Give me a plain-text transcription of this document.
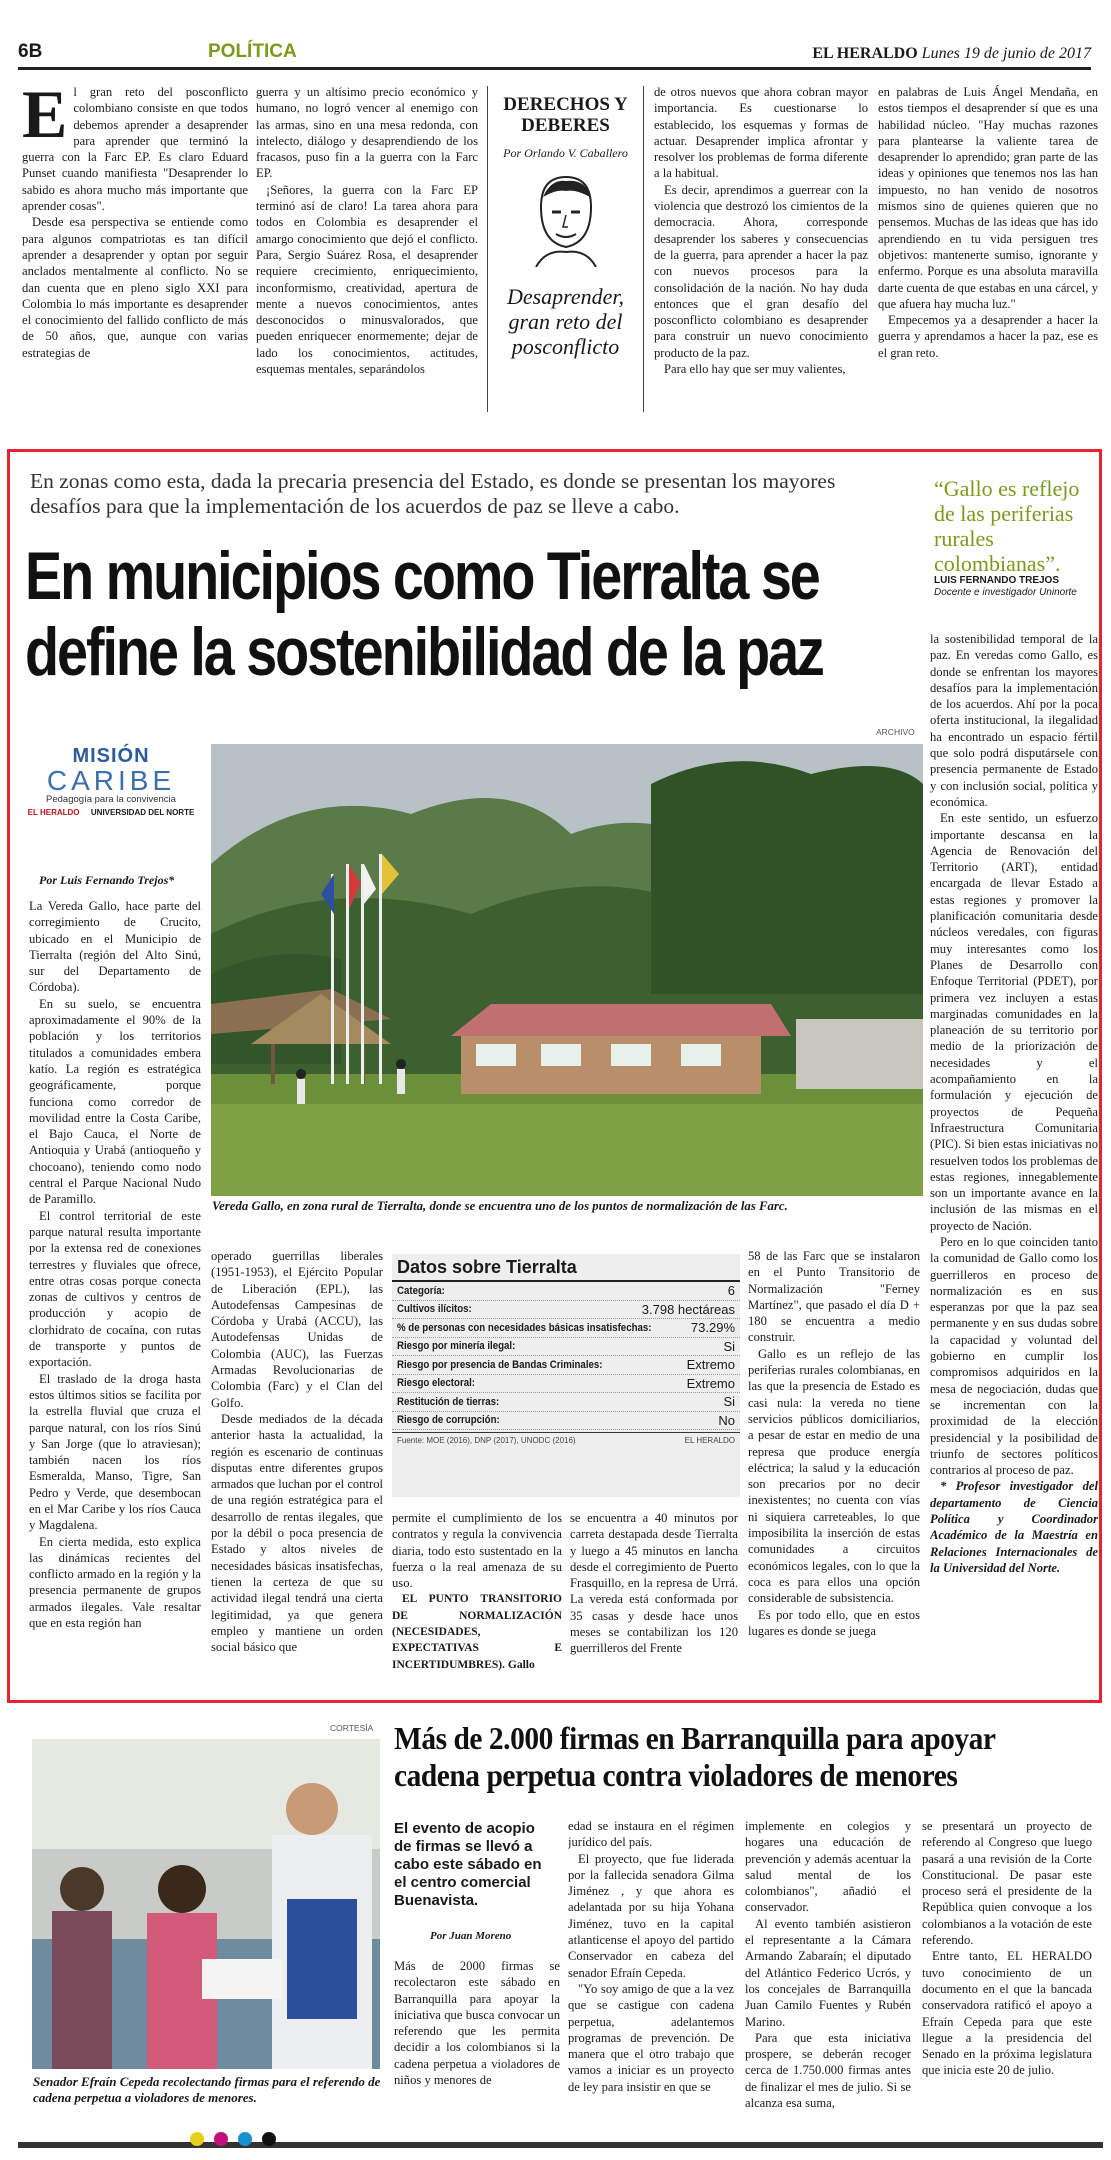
6B	POLÍTICA	EL HERALDO Lunes 19 de junio de 2017
E l gran reto del posconflicto colombiano consiste en que todos debemos aprender a desaprender para aprender que terminó la guerra con la Farc EP. Es claro Eduard Punset cuando manifiesta "Desaprender lo sabido es ahora mucho más importante que aprender cosas".

Desde esa perspectiva se entiende como para algunos compatriotas es tan difícil aprender a desaprender y optan por seguir anclados mentalmente al conflicto. No se dan cuenta que en pleno siglo XXI para Colombia lo más importante es desaprender el conocimiento del fallido conflicto de más de 50 años, que, aunque con varias estrategias de

guerra y un altísimo precio económico y humano, no logró vencer al enemigo con las armas, sino en una mesa redonda, con intelecto, diálogo y desaprendiendo de los fracasos, puso fin a la guerra con la Farc EP.

¡Señores, la guerra con la Farc EP terminó así de claro! La tarea ahora para todos en Colombia es desaprender el amargo conocimiento que dejó el conflicto. Para, Sergio Suárez Rosa, el desaprender requiere crecimiento, enriquecimiento, inconformismo, creatividad, apertura de mente a nuevos conocimientos, antes desconocidos o minusvalorados, que pueden enriquecer enormemente; dejar de lado los conocimientos, actitudes, esquemas mentales, separándolos

DERECHOS Y DEBERES
Por Orlando V. Caballero
Desaprender, gran reto del posconflicto

de otros nuevos que ahora cobran mayor importancia. Es cuestionarse lo establecido, los esquemas y formas de actuar. Desaprender implica afrontar y resolver los problemas de forma diferente a la habitual.

Es decir, aprendimos a guerrear con la violencia que destrozó los cimientos de la democracia. Ahora, corresponde desaprender los saberes y consecuencias de la guerra, para aprender a hacer la paz con nuevos procesos para la consolidación de la nación. No hay duda entonces que el gran desafío del posconflicto colombiano es desaprender para construir un nuevo conocimiento producto de la paz.

Para ello hay que ser muy valientes,

en palabras de Luis Ángel Mendaña, en estos tiempos el desaprender sí que es una habilidad núcleo. "Hay muchas razones para plantearse la valiente tarea de desaprender lo aprendido; gran parte de las ideas y opiniones que tenemos nos las han impuesto, no han venido de nosotros mismos sino de quienes quieren que no pensemos. Muchas de las ideas que has ido aprendiendo en tu vida persiguen tres objetivos: mantenerte sumiso, ignorante y enfermo. Porque es una absoluta maravilla darte cuenta de que estabas en una cárcel, y que afuera hay mucha luz."

Empecemos ya a desaprender a hacer la guerra y aprendamos a hacer la paz, ese es el gran reto.

En zonas como esta, dada la precaria presencia del Estado, es donde se presentan los mayores desafíos para que la implementación de los acuerdos de paz se lleve a cabo.
En municipios como Tierralta se
define la sostenibilidad de la paz
“Gallo es reflejo de las periferias rurales colombianas”.
LUIS FERNANDO TREJOS
Docente e investigador Uninorte
ARCHIVO
MISIÓN
CARIBE
Pedagogía para la convivencia
EL HERALDO UNIVERSIDAD DEL NORTE
Por Luis Fernando Trejos*
Vereda Gallo, en zona rural de Tierralta, donde se encuentra uno de los puntos de normalización de las Farc.

La Vereda Gallo, hace parte del corregimiento de Crucito, ubicado en el Municipio de Tierralta (región del Alto Sinú, sur del Departamento de Córdoba).

En su suelo, se encuentra aproximadamente el 90% de la población y los territorios titulados a comunidades embera katío. La región es estratégica geográficamente, porque funciona como corredor de movilidad entre la Costa Caribe, el Bajo Cauca, el Norte de Antioquia y Urabá (antioqueño y chocoano), teniendo como nodo central el Parque Nacional Nudo de Paramillo.

El control territorial de este parque natural resulta importante por la extensa red de conexiones terrestres y fluviales que ofrece, entre otras cosas porque conecta zonas de cultivos y centros de producción y acopio de clorhidrato de cocaína, con rutas de transporte y puntos de exportación.

El traslado de la droga hasta estos últimos sitios se facilita por la estrella fluvial que cruza el parque natural, con los ríos Sinú y San Jorge (que lo atraviesan); también nacen los ríos Esmeralda, Manso, Tigre, San Pedro y Verde, que desembocan en el Mar Caribe y los ríos Cauca y Magdalena.

En cierta medida, esto explica las dinámicas recientes del conflicto armado en la región y la presencia permanente de grupos armados ilegales. Vale resaltar que en esta región han

operado guerrillas liberales (1951-1953), el Ejército Popular de Liberación (EPL), las Autodefensas Campesinas de Córdoba y Urabá (ACCU), las Autodefensas Unidas de Colombia (AUC), las Fuerzas Armadas Revolucionarias de Colombia (Farc) y el Clan del Golfo.

Desde mediados de la década anterior hasta la actualidad, la región es escenario de continuas disputas entre diferentes grupos armados que luchan por el control de una región estratégica para el desarrollo de rentas ilegales, que por la débil o poca presencia de Estado y altos niveles de necesidades básicas insatisfechas, tienen la certeza de que su actividad ilegal tendrá una cierta legitimidad, ya que genera empleo y mantiene un orden social básico que

Datos sobre Tierralta
Categoría:	6
Cultivos ilícitos:	3.798 hectáreas
% de personas con necesidades básicas insatisfechas:	73.29%
Riesgo por minería ilegal:	Si
Riesgo por presencia de Bandas Criminales:	Extremo
Riesgo electoral:	Extremo
Restitución de tierras:	Si
Riesgo de corrupción:	No
Fuente: MOE (2016), DNP (2017), UNODC (2016)	EL HERALDO

permite el cumplimiento de los contratos y regula la convivencia diaria, todo esto sustentado en la fuerza o la real amenaza de su uso.

EL PUNTO TRANSITORIO DE NORMALIZACIÓN (NECESIDADES, EXPECTATIVAS E INCERTIDUMBRES). Gallo

se encuentra a 40 minutos por carreta destapada desde Tierralta y luego a 45 minutos en lancha desde el corregimiento de Puerto Frasquillo, en la represa de Urrá. La vereda está conformada por 35 casas y desde hace unos meses se contabilizan los 120 guerrilleros del Frente

58 de las Farc que se instalaron en el Punto Transitorio de Normalización "Ferney Martínez", que pasado el día D + 180 se encuentra a medio construir.

Gallo es un reflejo de las periferias rurales colombianas, en las que la presencia de Estado es casi nula: la vereda no tiene servicios públicos domiciliarios, a pesar de estar en medio de una represa que produce energía eléctrica; la salud y la educación son precarios por no decir inexistentes; no cuenta con vías ni siquiera carreteables, lo que imposibilita la inserción de estas comunidades a circuitos económicos legales, con lo que la coca es para ellos una opción considerable de subsistencia.

Es por todo ello, que en estos lugares es donde se juega

la sostenibilidad temporal de la paz. En veredas como Gallo, es donde se enfrentan los mayores desafíos para la implementación de los acuerdos. Ahí por la poca oferta institucional, la ilegalidad ha encontrado un espacio fértil que solo podrá disputársele con presencia permanente de Estado y con inclusión social, política y económica.

En este sentido, un esfuerzo importante descansa en la Agencia de Renovación del Territorio (ART), entidad encargada de llevar Estado a estas regiones y promover la planificación comunitaria desde núcleos veredales, con figuras muy interesantes como los Planes de Desarrollo con Enfoque Territorial (PDET), por primera vez incluyen a estas marginadas comunidades en la planeación de su territorio por medio de la priorización de necesidades y el acompañamiento en la formulación y ejecución de proyectos de Pequeña Infraestructura Comunitaria (PIC). Si bien estas iniciativas no resuelven todos los problemas de estas regiones, innegablemente son un importante avance en la inclusión de las mismas en el proyecto de Nación.

Pero en lo que coinciden tanto la comunidad de Gallo como los guerrilleros en proceso de normalización es en sus esperanzas por que la paz sea permanente y en sus dudas sobre la capacidad y voluntad del gobierno en cumplir los compromisos adquiridos en la mesa de negociación, dudas que se incrementan con la proximidad de la elección presidencial y la posibilidad de triunfo de sectores políticos contrarios al proceso de paz.

* Profesor investigador del departamento de Ciencia Política y Coordinador Académico de la Maestría en Relaciones Internacionales de la Universidad del Norte.

CORTESÍA
Senador Efraín Cepeda recolectando firmas para el referendo de cadena perpetua a violadores de menores.
Más de 2.000 firmas en Barranquilla para apoyar
cadena perpetua contra violadores de menores
El evento de acopio de firmas se llevó a cabo este sábado en el centro comercial Buenavista.
Por Juan Moreno

Más de 2000 firmas se recolectaron este sábado en Barranquilla para apoyar la iniciativa que busca convocar un referendo que les permita decidir a los colombianos si la cadena perpetua a violadores de niños y menores de

edad se instaura en el régimen jurídico del país.

El proyecto, que fue liderada por la fallecida senadora Gilma Jiménez , y que ahora es adelantada por su hija Yohana Jiménez, tuvo en la capital atlanticense el apoyo del partido Conservador en cabeza del senador Efraín Cepeda.

"Yo soy amigo de que a la vez que se castigue con cadena perpetua, adelantemos programas de prevención. De manera que el otro trabajo que vamos a iniciar es un proyecto de ley para insistir en que se

implemente en colegios y hogares una educación de prevención y además acentuar la salud mental de los colombianos", añadió el conservador.

Al evento también asistieron el representante a la Cámara Armando Zabaraín; el diputado del Atlántico Federico Ucrós, y los concejales de Barranquilla Juan Camilo Fuentes y Rubén Marino.

Para que esta iniciativa prospere, se deberán recoger cerca de 1.750.000 firmas antes de finalizar el mes de julio. Si se alcanza esa suma,

se presentará un proyecto de referendo al Congreso que luego pasará a una revisión de la Corte Constitucional. De pasar este proceso será el presidente de la República quien convoque a los colombianos a la votación de este referendo.

Entre tanto, EL HERALDO tuvo conocimiento de un documento en el que la bancada conservadora ratificó el apoyo a Efraín Cepeda para que este llegue a la presidencia del Senado en la próxima legislatura que inicia este 20 de julio.
